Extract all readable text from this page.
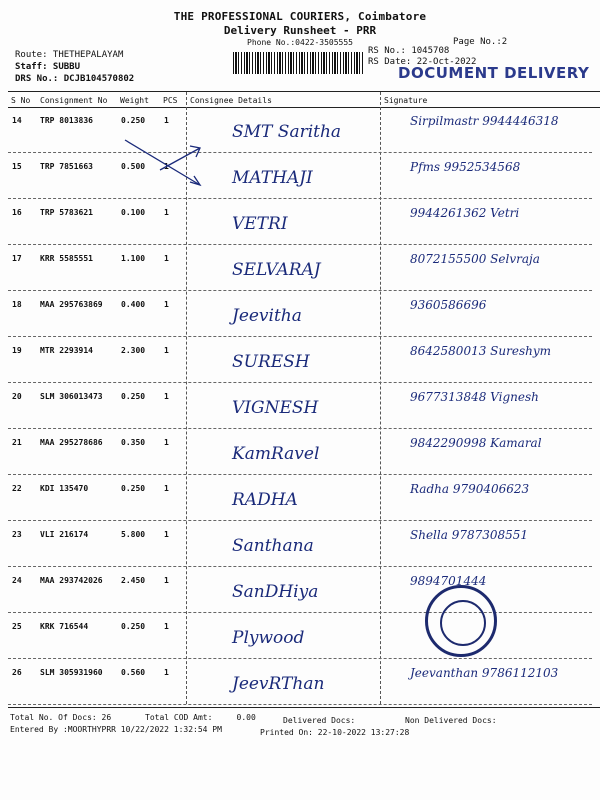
THE PROFESSIONAL COURIERS, Coimbatore
Delivery Runsheet - PRR
Phone No.:0422-3505555	Page No.:2
Route: THETHEPALAYAM
Staff: SUBBU
DRS No.: DCJB104570802
RS No.: 1045708
RS Date: 22-Oct-2022
DOCUMENT DELIVERY
S No Consignment No Weight PCS Consignee Details	Signature
14 TRP 8013836	0.250 1
SMT Saritha
Sirpilmastr 9944446318
15 TRP 7851663	0.500 1
MATHAJI
Pfms 9952534568
16 TRP 5783621	0.100 1
VETRI
9944261362 Vetri
17 KRR 5585551	1.100 1
SELVARAJ
8072155500 Selvraja
18 MAA 295763869 0.400 1
Jeevitha
9360586696
19 MTR 2293914	2.300 1
SURESH
8642580013 Sureshym
20 SLM 306013473 0.250 1
VIGNESH
9677313848 Vignesh
21 MAA 295278686 0.350 1
KamRavel
9842290998 Kamaral
22 KDI 135470	0.250 1
RADHA
Radha 9790406623
23 VLI 216174	5.800 1
Santhana
Shella 9787308551
24 MAA 293742026 2.450 1
SanDHiya
9894701444
25 KRK 716544	0.250 1
Plywood
26 SLM 305931960 0.560 1
JeevRThan
Jeevanthan 9786112103
Total No. Of Docs: 26	Total COD Amt:     0.00	Delivered Docs:	Non Delivered Docs:
Entered By :MOORTHYPRR 10/22/2022 1:32:54 PM	Printed On: 22-10-2022 13:27:28
